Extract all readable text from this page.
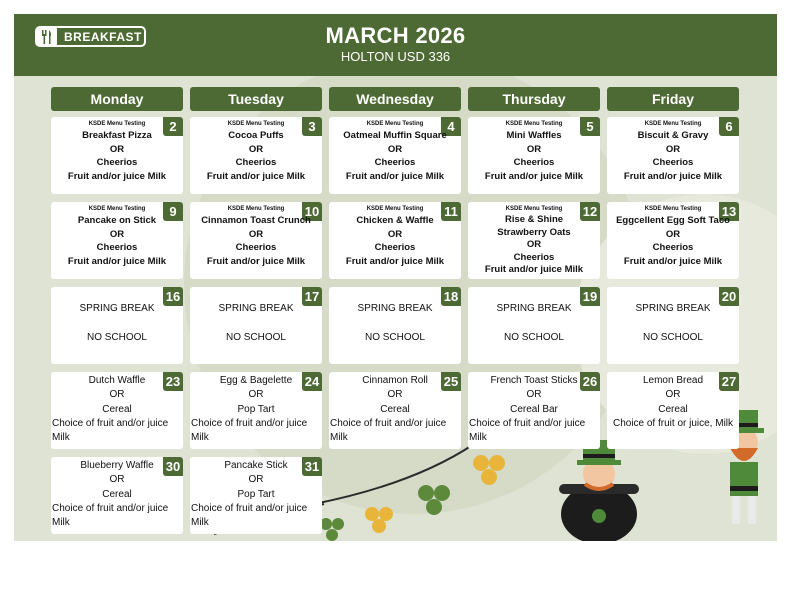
BREAKFAST	MARCH 2026
HOLTON USD 336
Monday	Tuesday	Wednesday	Thursday	Friday
2
KSDE Menu Testing
Breakfast Pizza
OR
Cheerios
Fruit and/or juice Milk
3
KSDE Menu Testing
Cocoa Puffs
OR
Cheerios
Fruit and/or juice Milk
4
KSDE Menu Testing
Oatmeal Muffin Square
OR
Cheerios
Fruit and/or juice Milk
5
KSDE Menu Testing
Mini Waffles
OR
Cheerios
Fruit and/or juice Milk
6
KSDE Menu Testing
Biscuit & Gravy
OR
Cheerios
Fruit and/or juice Milk
9
KSDE Menu Testing
Pancake on Stick
OR
Cheerios
Fruit and/or juice Milk
10
KSDE Menu Testing
Cinnamon Toast Crunch
OR
Cheerios
Fruit and/or juice Milk
11
KSDE Menu Testing
Chicken & Waffle
OR
Cheerios
Fruit and/or juice Milk
12
KSDE Menu Testing
Rise & Shine
Strawberry Oats
OR
Cheerios
Fruit and/or juice Milk
13
KSDE Menu Testing
Eggcellent Egg Soft Taco
OR
Cheerios
Fruit and/or juice Milk
16
SPRING BREAK
NO SCHOOL
17
SPRING BREAK
NO SCHOOL
18
SPRING BREAK
NO SCHOOL
19
SPRING BREAK
NO SCHOOL
20
SPRING BREAK
NO SCHOOL
23
Dutch Waffle
OR
Cereal
Choice of fruit and/or juice
Milk
24
Egg & Bagelette
OR
Pop Tart
Choice of fruit and/or juice
Milk
25
Cinnamon Roll
OR
Cereal
Choice of fruit and/or juice
Milk
26
French Toast Sticks
OR
Cereal Bar
Choice of fruit and/or juice
Milk
27
Lemon Bread
OR
Cereal
Choice of fruit or juice, Milk
30
Blueberry Waffle
OR
Cereal
Choice of fruit and/or juice
Milk
31
Pancake Stick
OR
Pop Tart
Choice of fruit and/or juice
Milk
